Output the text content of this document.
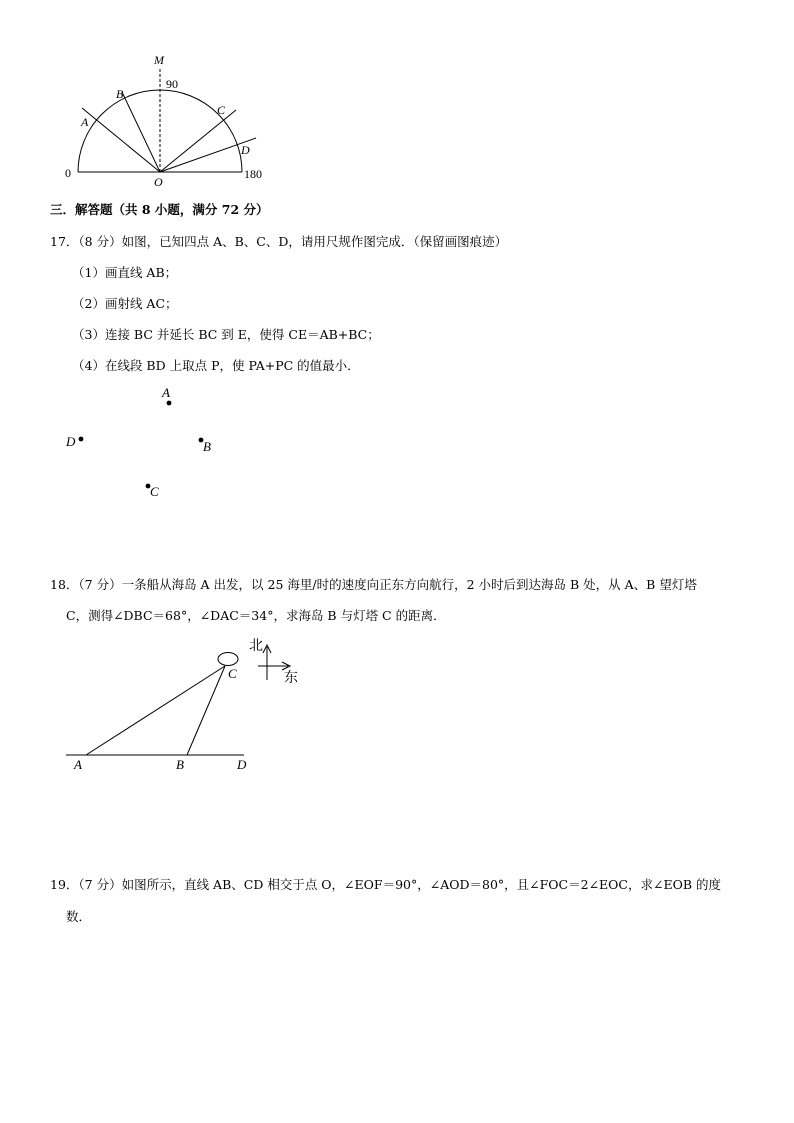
M
90
B
A
C
D
0
O
180
三．解答题（共 8 小题，满分 72 分）
17．（8 分）如图，已知四点 A、B、C、D，请用尺规作图完成．（保留画图痕迹）
（1）画直线 AB；
（2）画射线 AC；
（3）连接 BC 并延长 BC 到 E，使得 CE＝AB+BC；
（4）在线段 BD 上取点 P，使 PA+PC 的值最小．
A
D	B
C
18．（7 分）一条船从海岛 A 出发，以 25 海里/时的速度向正东方向航行，2 小时后到达海岛 B 处，从 A、B 望灯塔
C，测得∠DBC＝68°，∠DAC＝34°，求海岛 B 与灯塔 C 的距离．
北
东
C
A	B	D
19．（7 分）如图所示，直线 AB、CD 相交于点 O，∠EOF＝90°，∠AOD＝80°，且∠FOC＝2∠EOC，求∠EOB 的度
数．
